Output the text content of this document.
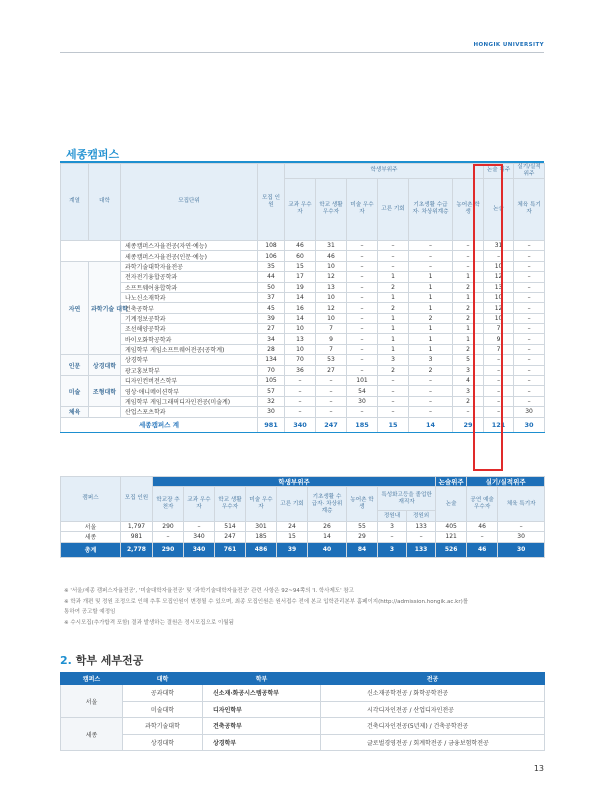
HONGIK UNIVERSITY
세종캠퍼스
계열	대학	모집단위	모집 인원	학생부위주						논술 위주	실기/실적 위주
				교과 우수자	학교 생활 우수자	미술 우수자	고른 기회	기초생활 수급자· 차상위계층	농어촌 학생	논술	체육 특기자
		세종캠퍼스자율전공(자연·예능)	108	46	31	–	–	–	–	31	–
		세종캠퍼스자율전공(인문·예능)	106	60	46	–	–	–	–	–	–
자연	과학기술 대학	과학기술대학자율전공	35	15	10	–	–	–	–	10	–
		전자전기융합공학과	44	17	12	–	1	1	1	12	–
		소프트웨어융합학과	50	19	13	–	2	1	2	13	–
		나노신소재학과	37	14	10	–	1	1	1	10	–
		건축공학부	45	16	12	–	2	1	2	12	–
		기계정보공학과	39	14	10	–	1	2	2	10	–
		조선해양공학과	27	10	7	–	1	1	1	7	–
		바이오화학공학과	34	13	9	–	1	1	1	9	–
		게임학부 게임소프트웨어전공(공학계)	28	10	7	–	1	1	2	7	–
인문	상경대학	상경학부	134	70	53	–	3	3	5	–	–
		광고홍보학부	70	36	27	–	2	2	3	–	–
미술	조형대학	디자인컨버전스학부	105	–	–	101	–	–	4	–	–
		영상·애니메이션학부	57	–	–	54	–	–	3	–	–
		게임학부 게임그래픽디자인전공(미술계)	32	–	–	30	–	–	2	–	–
체육		산업스포츠학과	30	–	–	–	–	–	–	–	30
세종캠퍼스 계			981	340	247	185	15	14	29	121	30
캠퍼스	모집 인원	학생부위주									논술위주	실기/실적위주	
		학교장 추천자	교과 우수자	학교 생활 우수자	미술 우수자	고른 기회	기초생활 수급자· 차상위계층	농어촌 학생	특성화고등을 졸업한재직자		논술	공연 예술 우수자	체육 특기자
									정원내	정원외			
서울	1,797	290	–	514	301	24	26	55	3	133	405	46	–
세종	981	–	340	247	185	15	14	29	–	–	121	–	30
총계	2,778	290	340	761	486	39	40	84	3	133	526	46	30
※ '서울/세종 캠퍼스자율전공', '미술대학자율전공' 및 '과학기술대학자율전공' 관련 사항은 92~94쪽의 'I. 학사제도' 참고
※ 학과 개편 및 정원 조정으로 인해 추후 모집인원이 변경될 수 있으며, 최종 모집인원은 원서접수 전에 본교 입학관리본부 홈페이지(http://admission.hongik.ac.kr)를
통하여 공고할 예정임
※ 수시모집(추가합격 포함) 결과 발생하는 결원은 정시모집으로 이월됨
2. 학부 세부전공
캠퍼스	대학	학부	전공
서울	공과대학	신소재·화공시스템공학부	신소재공학전공 / 화학공학전공
	미술대학	디자인학부	시각디자인전공 / 산업디자인전공
세종	과학기술대학	건축공학부	건축디자인전공(5년제) / 건축공학전공
	상경대학	상경학부	글로벌경영전공 / 회계학전공 / 금융보험학전공
13
